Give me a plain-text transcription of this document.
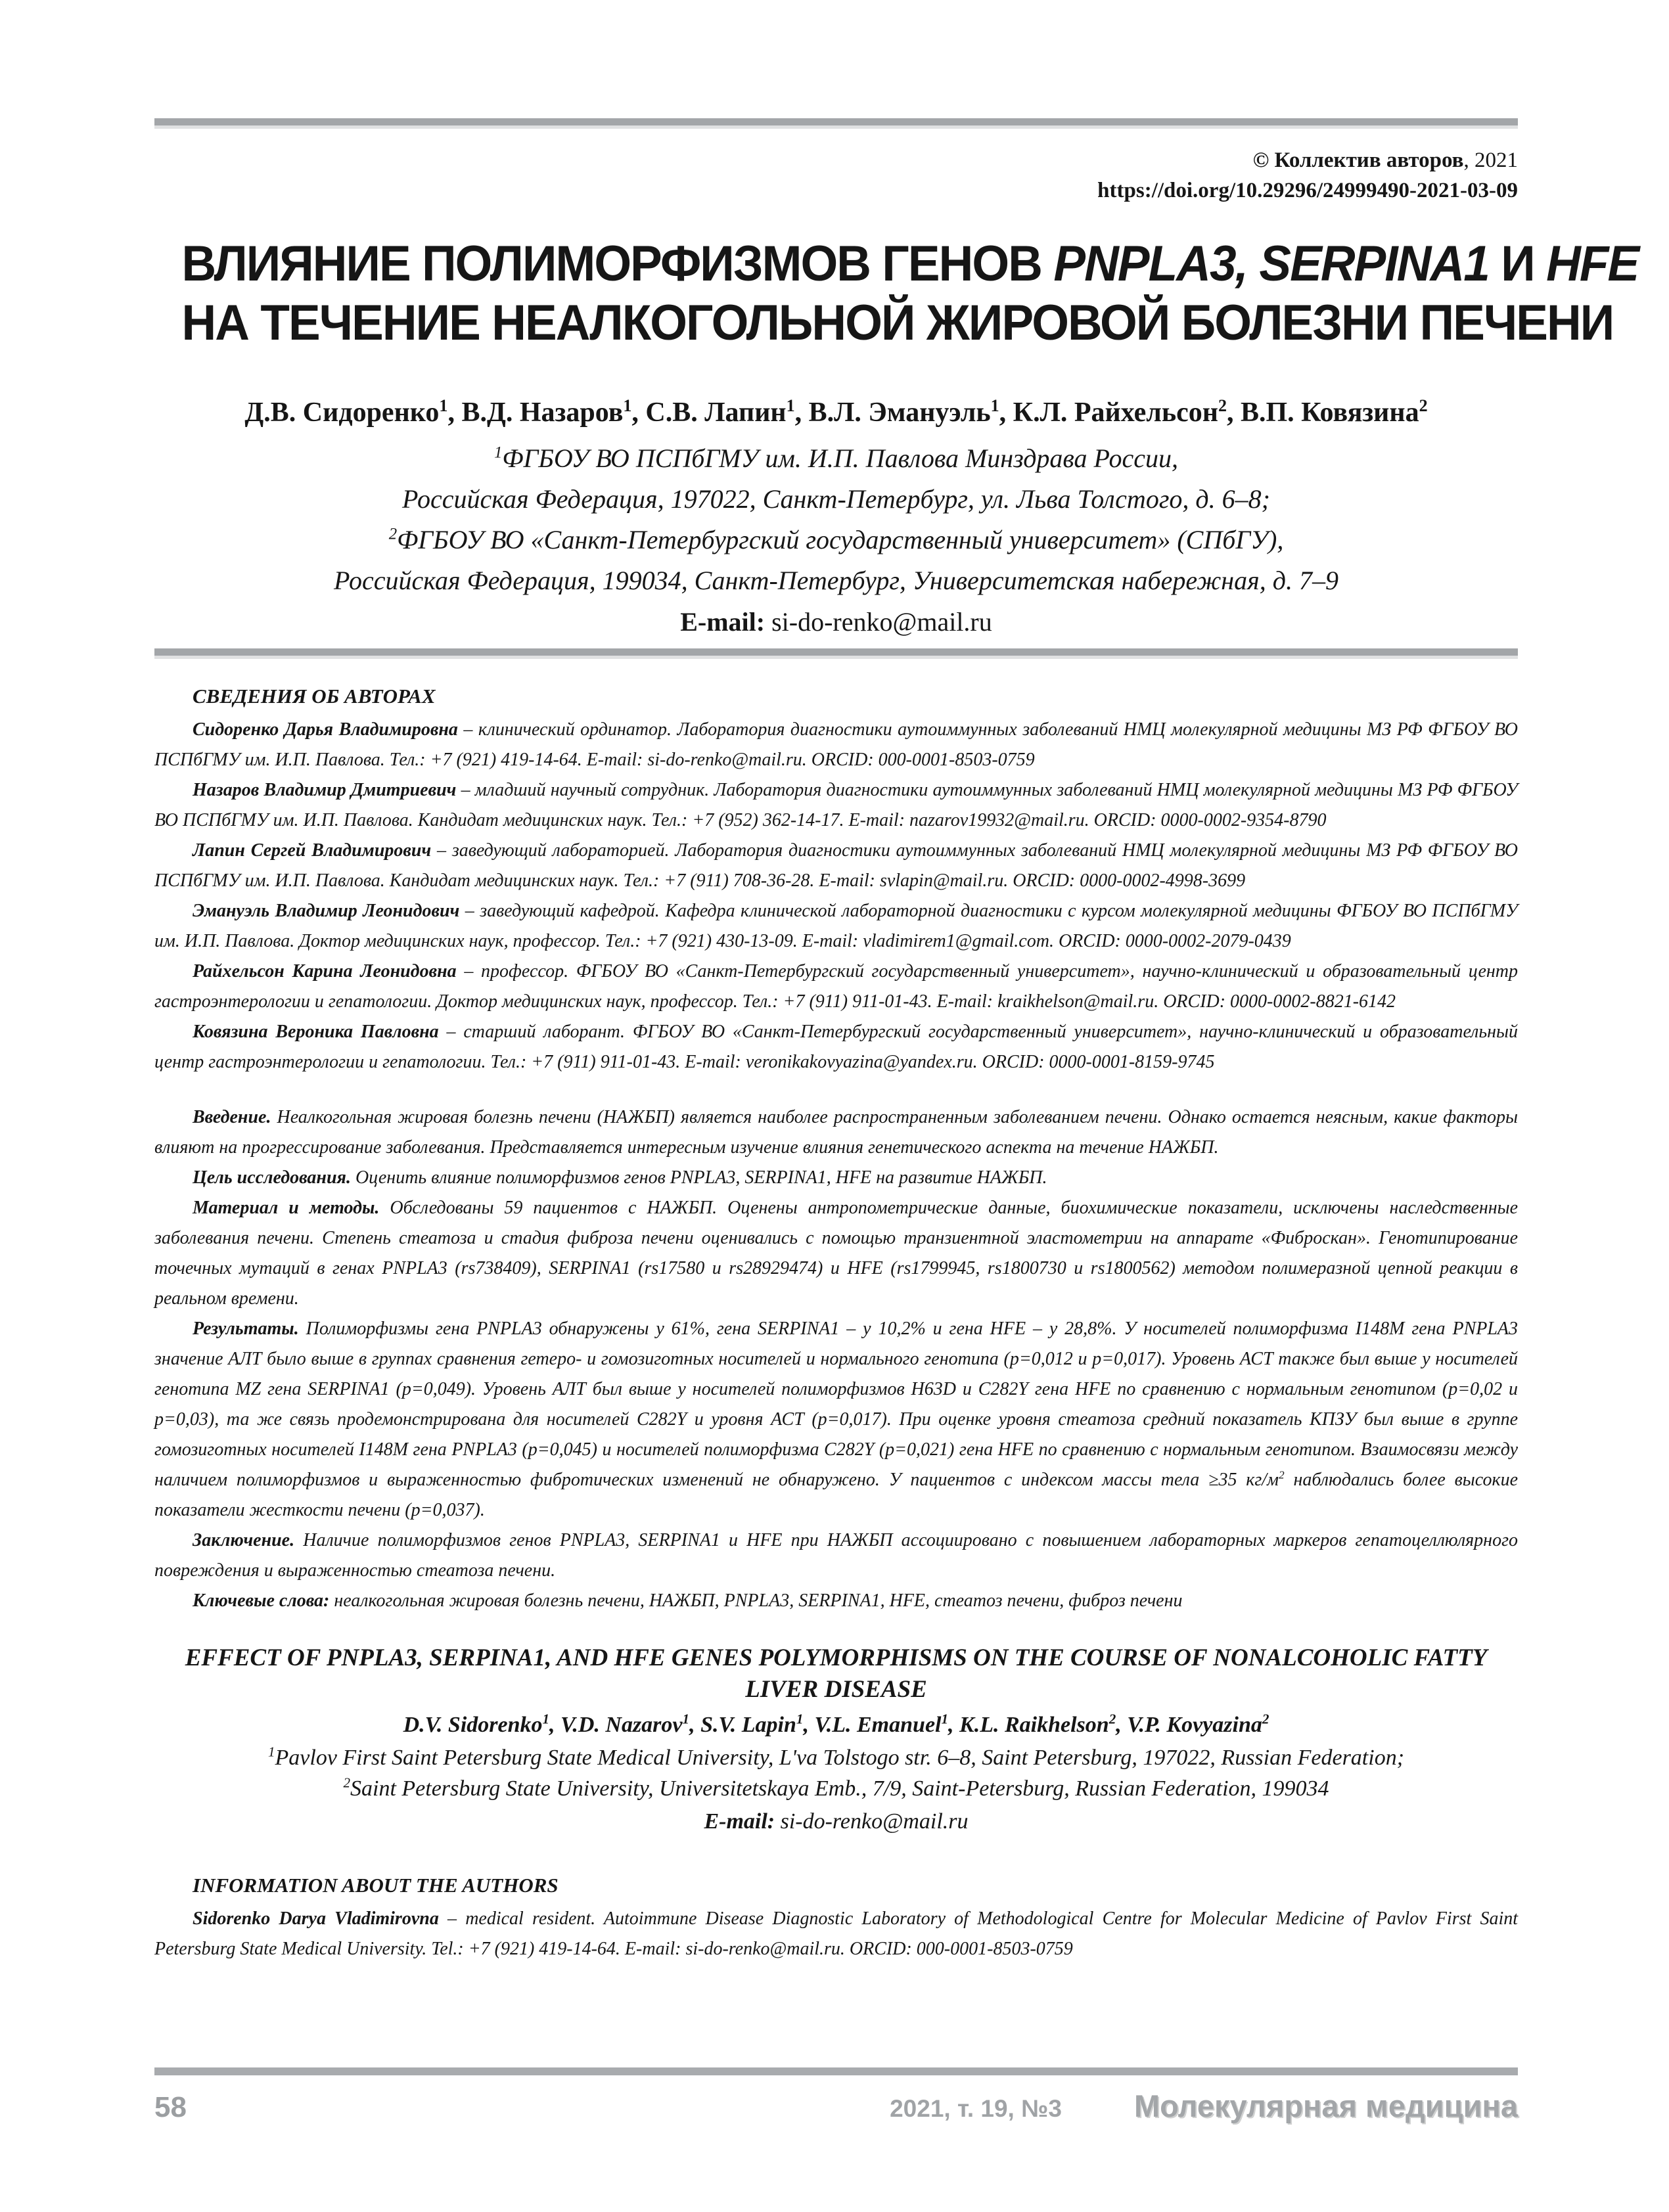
© Коллектив авторов, 2021
https://doi.org/10.29296/24999490-2021-03-09
ВЛИЯНИЕ ПОЛИМОРФИЗМОВ ГЕНОВ PNPLA3, SERPINA1 И HFE
НА ТЕЧЕНИЕ НЕАЛКОГОЛЬНОЙ ЖИРОВОЙ БОЛЕЗНИ ПЕЧЕНИ
Д.В. Сидоренко$^1$, В.Д. Назаров$^1$, С.В. Лапин$^1$, В.Л. Эмануэль$^1$, К.Л. Райхельсон$^2$, В.П. Ковязина$^2$

$^1$ФГБОУ ВО ПСПбГМУ им. И.П. Павлова Минздрава России,

Российская Федерация, 197022, Санкт-Петербург, ул. Льва Толстого, д. 6–8;

$^2$ФГБОУ ВО «Санкт-Петербургский государственный университет» (СПбГУ),

Российская Федерация, 199034, Санкт-Петербург, Университетская набережная, д. 7–9

E-mail: si-do-renko@mail.ru

СВЕДЕНИЯ ОБ АВТОРАХ

Сидоренко Дарья Владимировна – клинический ординатор. Лаборатория диагностики аутоиммунных заболеваний НМЦ молекулярной медицины МЗ РФ ФГБОУ ВО ПСПбГМУ им. И.П. Павлова. Тел.: +7 (921) 419-14-64. E-mail: si-do-renko@mail.ru. ORCID: 000-0001-8503-0759

Назаров Владимир Дмитриевич – младший научный сотрудник. Лаборатория диагностики аутоиммунных заболеваний НМЦ молекулярной медицины МЗ РФ ФГБОУ ВО ПСПбГМУ им. И.П. Павлова. Кандидат медицинских наук. Тел.: +7 (952) 362-14-17. E-mail: nazarov19932@mail.ru. ORCID: 0000-0002-9354-8790

Лапин Сергей Владимирович – заведующий лабораторией. Лаборатория диагностики аутоиммунных заболеваний НМЦ молекулярной медицины МЗ РФ ФГБОУ ВО ПСПбГМУ им. И.П. Павлова. Кандидат медицинских наук. Тел.: +7 (911) 708-36-28. E-mail: svlapin@mail.ru. ORCID: 0000-0002-4998-3699

Эмануэль Владимир Леонидович – заведующий кафедрой. Кафедра клинической лабораторной диагностики с курсом молекулярной медицины ФГБОУ ВО ПСПбГМУ им. И.П. Павлова. Доктор медицинских наук, профессор. Тел.: +7 (921) 430-13-09. E-mail: vladimirem1@gmail.com. ORCID: 0000-0002-2079-0439

Райхельсон Карина Леонидовна – профессор. ФГБОУ ВО «Санкт-Петербургский государственный университет», научно-клинический и образовательный центр гастроэнтерологии и гепатологии. Доктор медицинских наук, профессор. Тел.: +7 (911) 911-01-43. E-mail: kraikhelson@mail.ru. ORCID: 0000-0002-8821-6142

Ковязина Вероника Павловна – старший лаборант. ФГБОУ ВО «Санкт-Петербургский государственный университет», научно-клинический и образовательный центр гастроэнтерологии и гепатологии. Тел.: +7 (911) 911-01-43. E-mail: veronikakovyazina@yandex.ru. ORCID: 0000-0001-8159-9745

Введение. Неалкогольная жировая болезнь печени (НАЖБП) является наиболее распространенным заболеванием печени. Однако остается неясным, какие факторы влияют на прогрессирование заболевания. Представляется интересным изучение влияния генетического аспекта на течение НАЖБП.

Цель исследования. Оценить влияние полиморфизмов генов PNPLA3, SERPINA1, HFE на развитие НАЖБП.

Материал и методы. Обследованы 59 пациентов с НАЖБП. Оценены антропометрические данные, биохимические показатели, исключены наследственные заболевания печени. Степень стеатоза и стадия фиброза печени оценивались с помощью транзиентной эластометрии на аппарате «Фиброскан». Генотипирование точечных мутаций в генах PNPLA3 (rs738409), SERPINA1 (rs17580 и rs28929474) и HFE (rs1799945, rs1800730 и rs1800562) методом полимеразной цепной реакции в реальном времени.

Результаты. Полиморфизмы гена PNPLA3 обнаружены у 61%, гена SERPINA1 – у 10,2% и гена HFE – у 28,8%. У носителей полиморфизма I148M гена PNPLA3 значение АЛТ было выше в группах сравнения гетеро- и гомозиготных носителей и нормального генотипа (p=0,012 и p=0,017). Уровень АСТ также был выше у носителей генотипа MZ гена SERPINA1 (p=0,049). Уровень АЛТ был выше у носителей полиморфизмов H63D и C282Y гена HFE по сравнению с нормальным генотипом (p=0,02 и p=0,03), та же связь продемонстрирована для носителей C282Y и уровня АСТ (p=0,017). При оценке уровня стеатоза средний показатель КПЗУ был выше в группе гомозиготных носителей I148M гена PNPLA3 (p=0,045) и носителей полиморфизма C282Y (p=0,021) гена HFE по сравнению с нормальным генотипом. Взаимосвязи между наличием полиморфизмов и выраженностью фибротических изменений не обнаружено. У пациентов с индексом массы тела ≥35 $кг/м^2$ наблюдались более высокие показатели жесткости печени (p=0,037).

Заключение. Наличие полиморфизмов генов PNPLA3, SERPINA1 и HFE при НАЖБП ассоциировано с повышением лабораторных маркеров гепатоцеллюлярного повреждения и выраженностью стеатоза печени.

Ключевые слова: неалкогольная жировая болезнь печени, НАЖБП, PNPLA3, SERPINA1, HFE, стеатоз печени, фиброз печени

EFFECT OF PNPLA3, SERPINA1, AND HFE GENES POLYMORPHISMS ON THE COURSE OF NONALCOHOLIC FATTY LIVER DISEASE
D.V. Sidorenko$^1$, V.D. Nazarov$^1$, S.V. Lapin$^1$, V.L. Emanuel$^1$, K.L. Raikhelson$^2$, V.P. Kovyazina$^2$

$^1$Pavlov First Saint Petersburg State Medical University, L'va Tolstogo str. 6–8, Saint Petersburg, 197022, Russian Federation;

$^2$Saint Petersburg State University, Universitetskaya Emb., 7/9, Saint-Petersburg, Russian Federation, 199034

E-mail: si-do-renko@mail.ru

INFORMATION ABOUT THE AUTHORS

Sidorenko Darya Vladimirovna – medical resident. Autoimmune Disease Diagnostic Laboratory of Methodological Centre for Molecular Medicine of Pavlov First Saint Petersburg State Medical University. Tel.: +7 (921) 419-14-64. E-mail: si-do-renko@mail.ru. ORCID: 000-0001-8503-0759

58	2021, т. 19, №3 Молекулярная медицина
